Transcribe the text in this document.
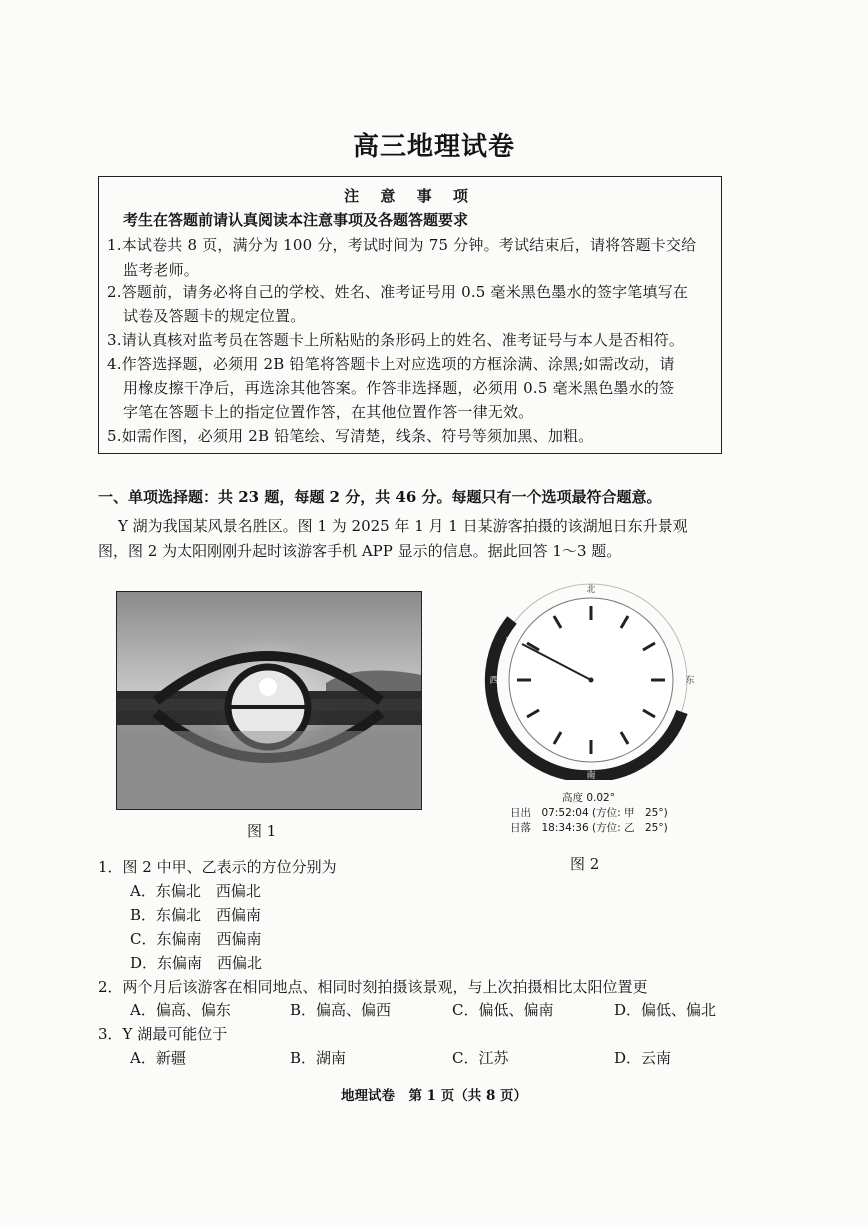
高三地理试卷
注 意 事 项
考生在答题前请认真阅读本注意事项及各题答题要求
1.本试卷共 8 页，满分为 100 分，考试时间为 75 分钟。考试结束后，请将答题卡交给
监考老师。
2.答题前，请务必将自己的学校、姓名、准考证号用 0.5 毫米黑色墨水的签字笔填写在
试卷及答题卡的规定位置。
3.请认真核对监考员在答题卡上所粘贴的条形码上的姓名、准考证号与本人是否相符。
4.作答选择题，必须用 2B 铅笔将答题卡上对应选项的方框涂满、涂黑;如需改动，请
用橡皮擦干净后，再选涂其他答案。作答非选择题，必须用 0.5 毫米黑色墨水的签
字笔在答题卡上的指定位置作答，在其他位置作答一律无效。
5.如需作图，必须用 2B 铅笔绘、写清楚，线条、符号等须加黑、加粗。
一、单项选择题：共 23 题，每题 2 分，共 46 分。每题只有一个选项最符合题意。
Y 湖为我国某风景名胜区。图 1 为 2025 年 1 月 1 日某游客拍摄的该湖旭日东升景观
图，图 2 为太阳刚刚升起时该游客手机 APP 显示的信息。据此回答 1～3 题。
图 1
北
东
南
西
甲
高度 0.02°
日出　07:52:04 (方位: 甲　25°)
日落　18:34:36 (方位: 乙　25°)
图 2
1．图 2 中甲、乙表示的方位分别为
A．东偏北　西偏北
B．东偏北　西偏南
C．东偏南　西偏南
D．东偏南　西偏北
2．两个月后该游客在相同地点、相同时刻拍摄该景观，与上次拍摄相比太阳位置更
A．偏高、偏东	B．偏高、偏西	C．偏低、偏南	D．偏低、偏北
3．Y 湖最可能位于
A．新疆	B．湖南	C．江苏	D．云南
地理试卷　第 1 页（共 8 页）
